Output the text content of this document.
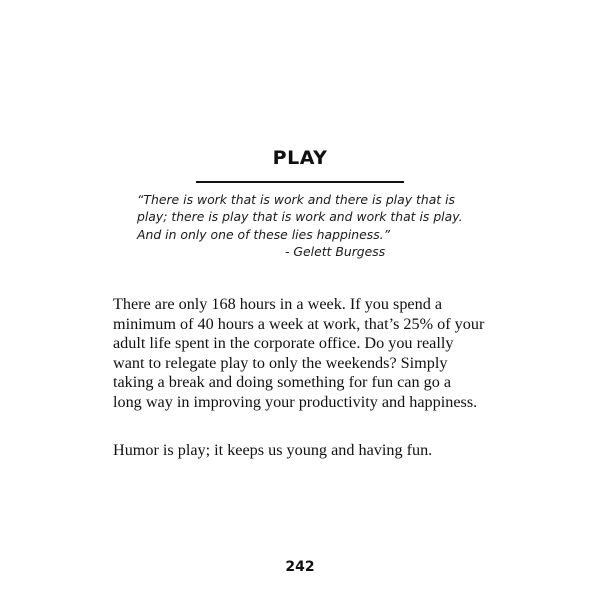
PLAY
“There is work that is work and there is play that is
play; there is play that is work and work that is play.
And in only one of these lies happiness.”
- Gelett Burgess
There are only 168 hours in a week. If you spend a
minimum of 40 hours a week at work, that’s 25% of your
adult life spent in the corporate office. Do you really
want to relegate play to only the weekends? Simply
taking a break and doing something for fun can go a
long way in improving your productivity and happiness.
Humor is play; it keeps us young and having fun.
242
